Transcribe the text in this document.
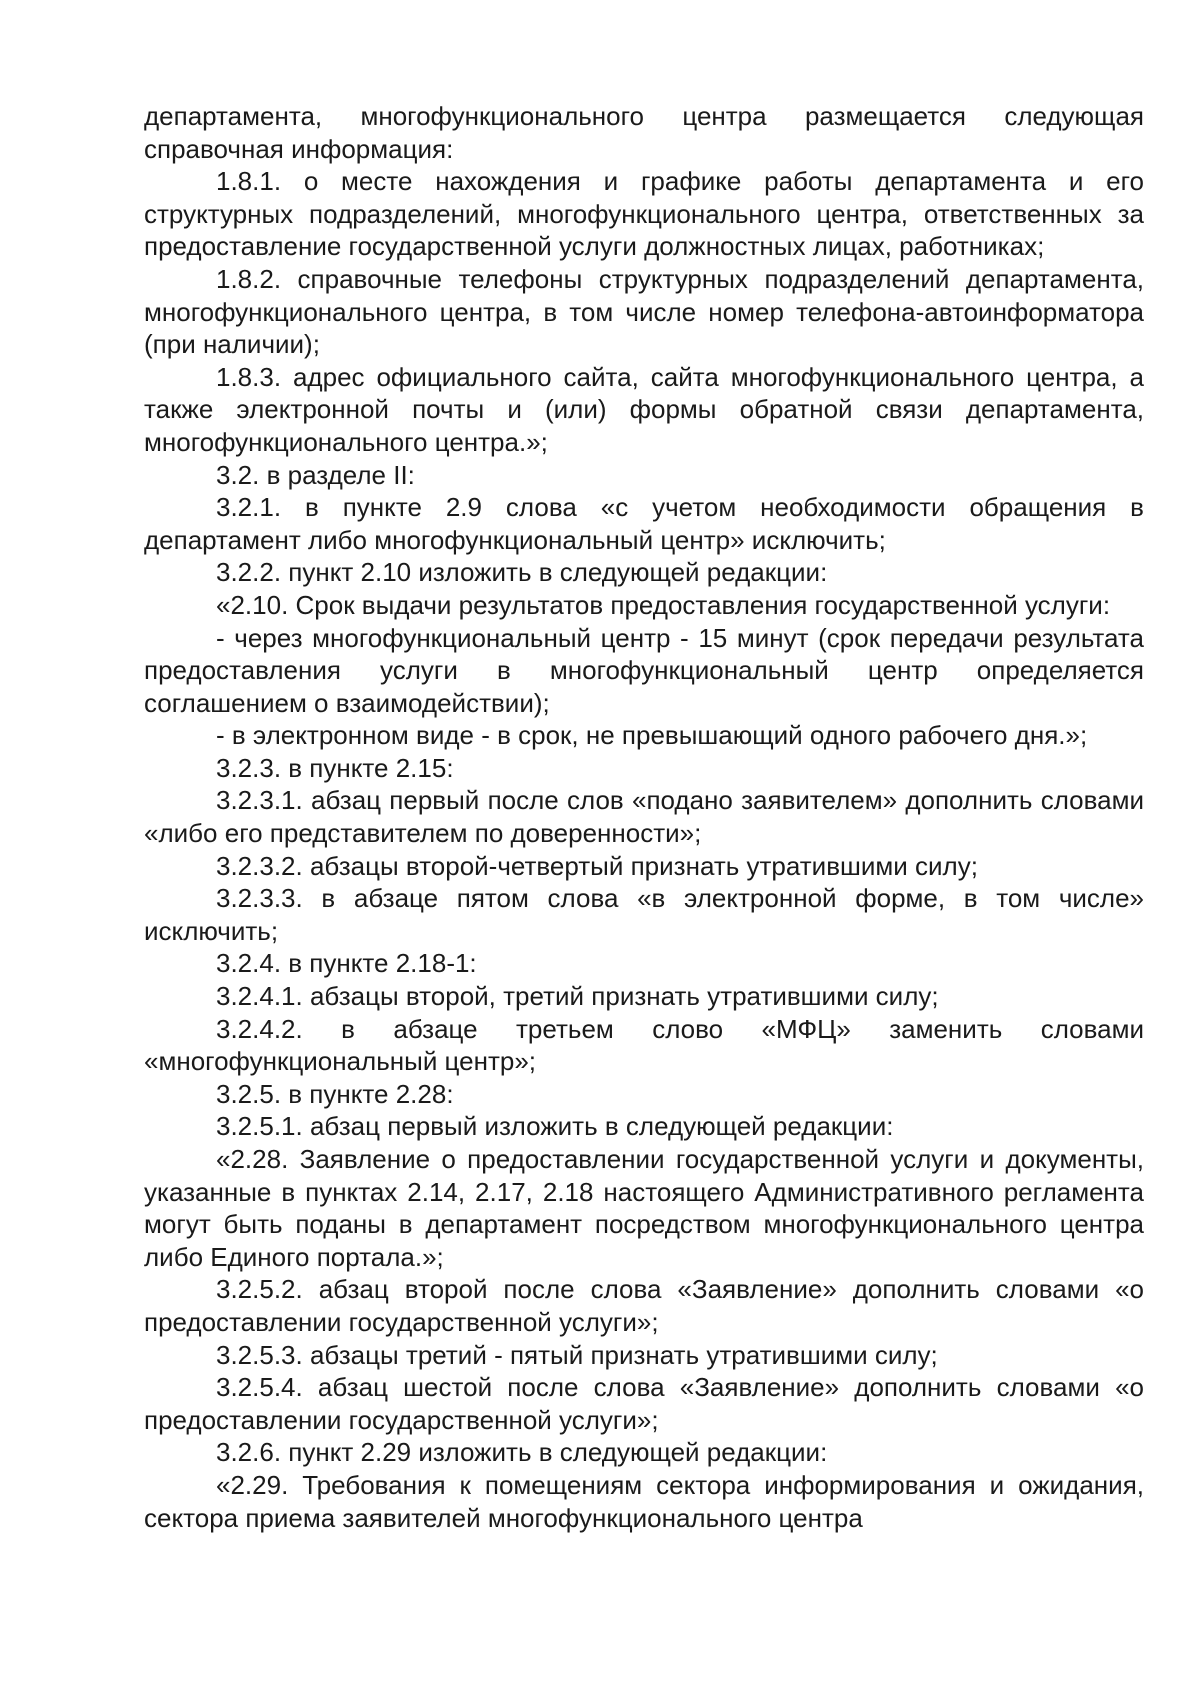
департамента, многофункционального центра размещается следующая справочная информация:

1.8.1. о месте нахождения и графике работы департамента и его структурных подразделений, многофункционального центра, ответственных за предоставление государственной услуги должностных лицах, работниках;

1.8.2. справочные телефоны структурных подразделений департамента, многофункционального центра, в том числе номер телефона-автоинформатора (при наличии);

1.8.3. адрес официального сайта, сайта многофункционального центра, а также электронной почты и (или) формы обратной связи департамента, многофункционального центра.»;

3.2. в разделе II:

3.2.1. в пункте 2.9 слова «с учетом необходимости обращения в департамент либо многофункциональный центр» исключить;

3.2.2. пункт 2.10 изложить в следующей редакции:

«2.10. Срок выдачи результатов предоставления государственной услуги:

- через многофункциональный центр - 15 минут (срок передачи результата предоставления услуги в многофункциональный центр определяется соглашением о взаимодействии);

- в электронном виде - в срок, не превышающий одного рабочего дня.»;

3.2.3. в пункте 2.15:

3.2.3.1. абзац первый после слов «подано заявителем» дополнить словами «либо его представителем по доверенности»;

3.2.3.2. абзацы второй-четвертый признать утратившими силу;

3.2.3.3. в абзаце пятом слова «в электронной форме, в том числе» исключить;

3.2.4. в пункте 2.18-1:

3.2.4.1. абзацы второй, третий признать утратившими силу;

3.2.4.2. в абзаце третьем слово «МФЦ» заменить словами «многофункциональный центр»;

3.2.5. в пункте 2.28:

3.2.5.1. абзац первый изложить в следующей редакции:

«2.28. Заявление о предоставлении государственной услуги и документы, указанные в пунктах 2.14, 2.17, 2.18 настоящего Административного регламента могут быть поданы в департамент посредством многофункционального центра либо Единого портала.»;

3.2.5.2. абзац второй после слова «Заявление» дополнить словами «о предоставлении государственной услуги»;

3.2.5.3. абзацы третий - пятый признать утратившими силу;

3.2.5.4. абзац шестой после слова «Заявление» дополнить словами «о предоставлении государственной услуги»;

3.2.6. пункт 2.29 изложить в следующей редакции:

«2.29. Требования к помещениям сектора информирования и ожидания, сектора приема заявителей многофункционального центра
